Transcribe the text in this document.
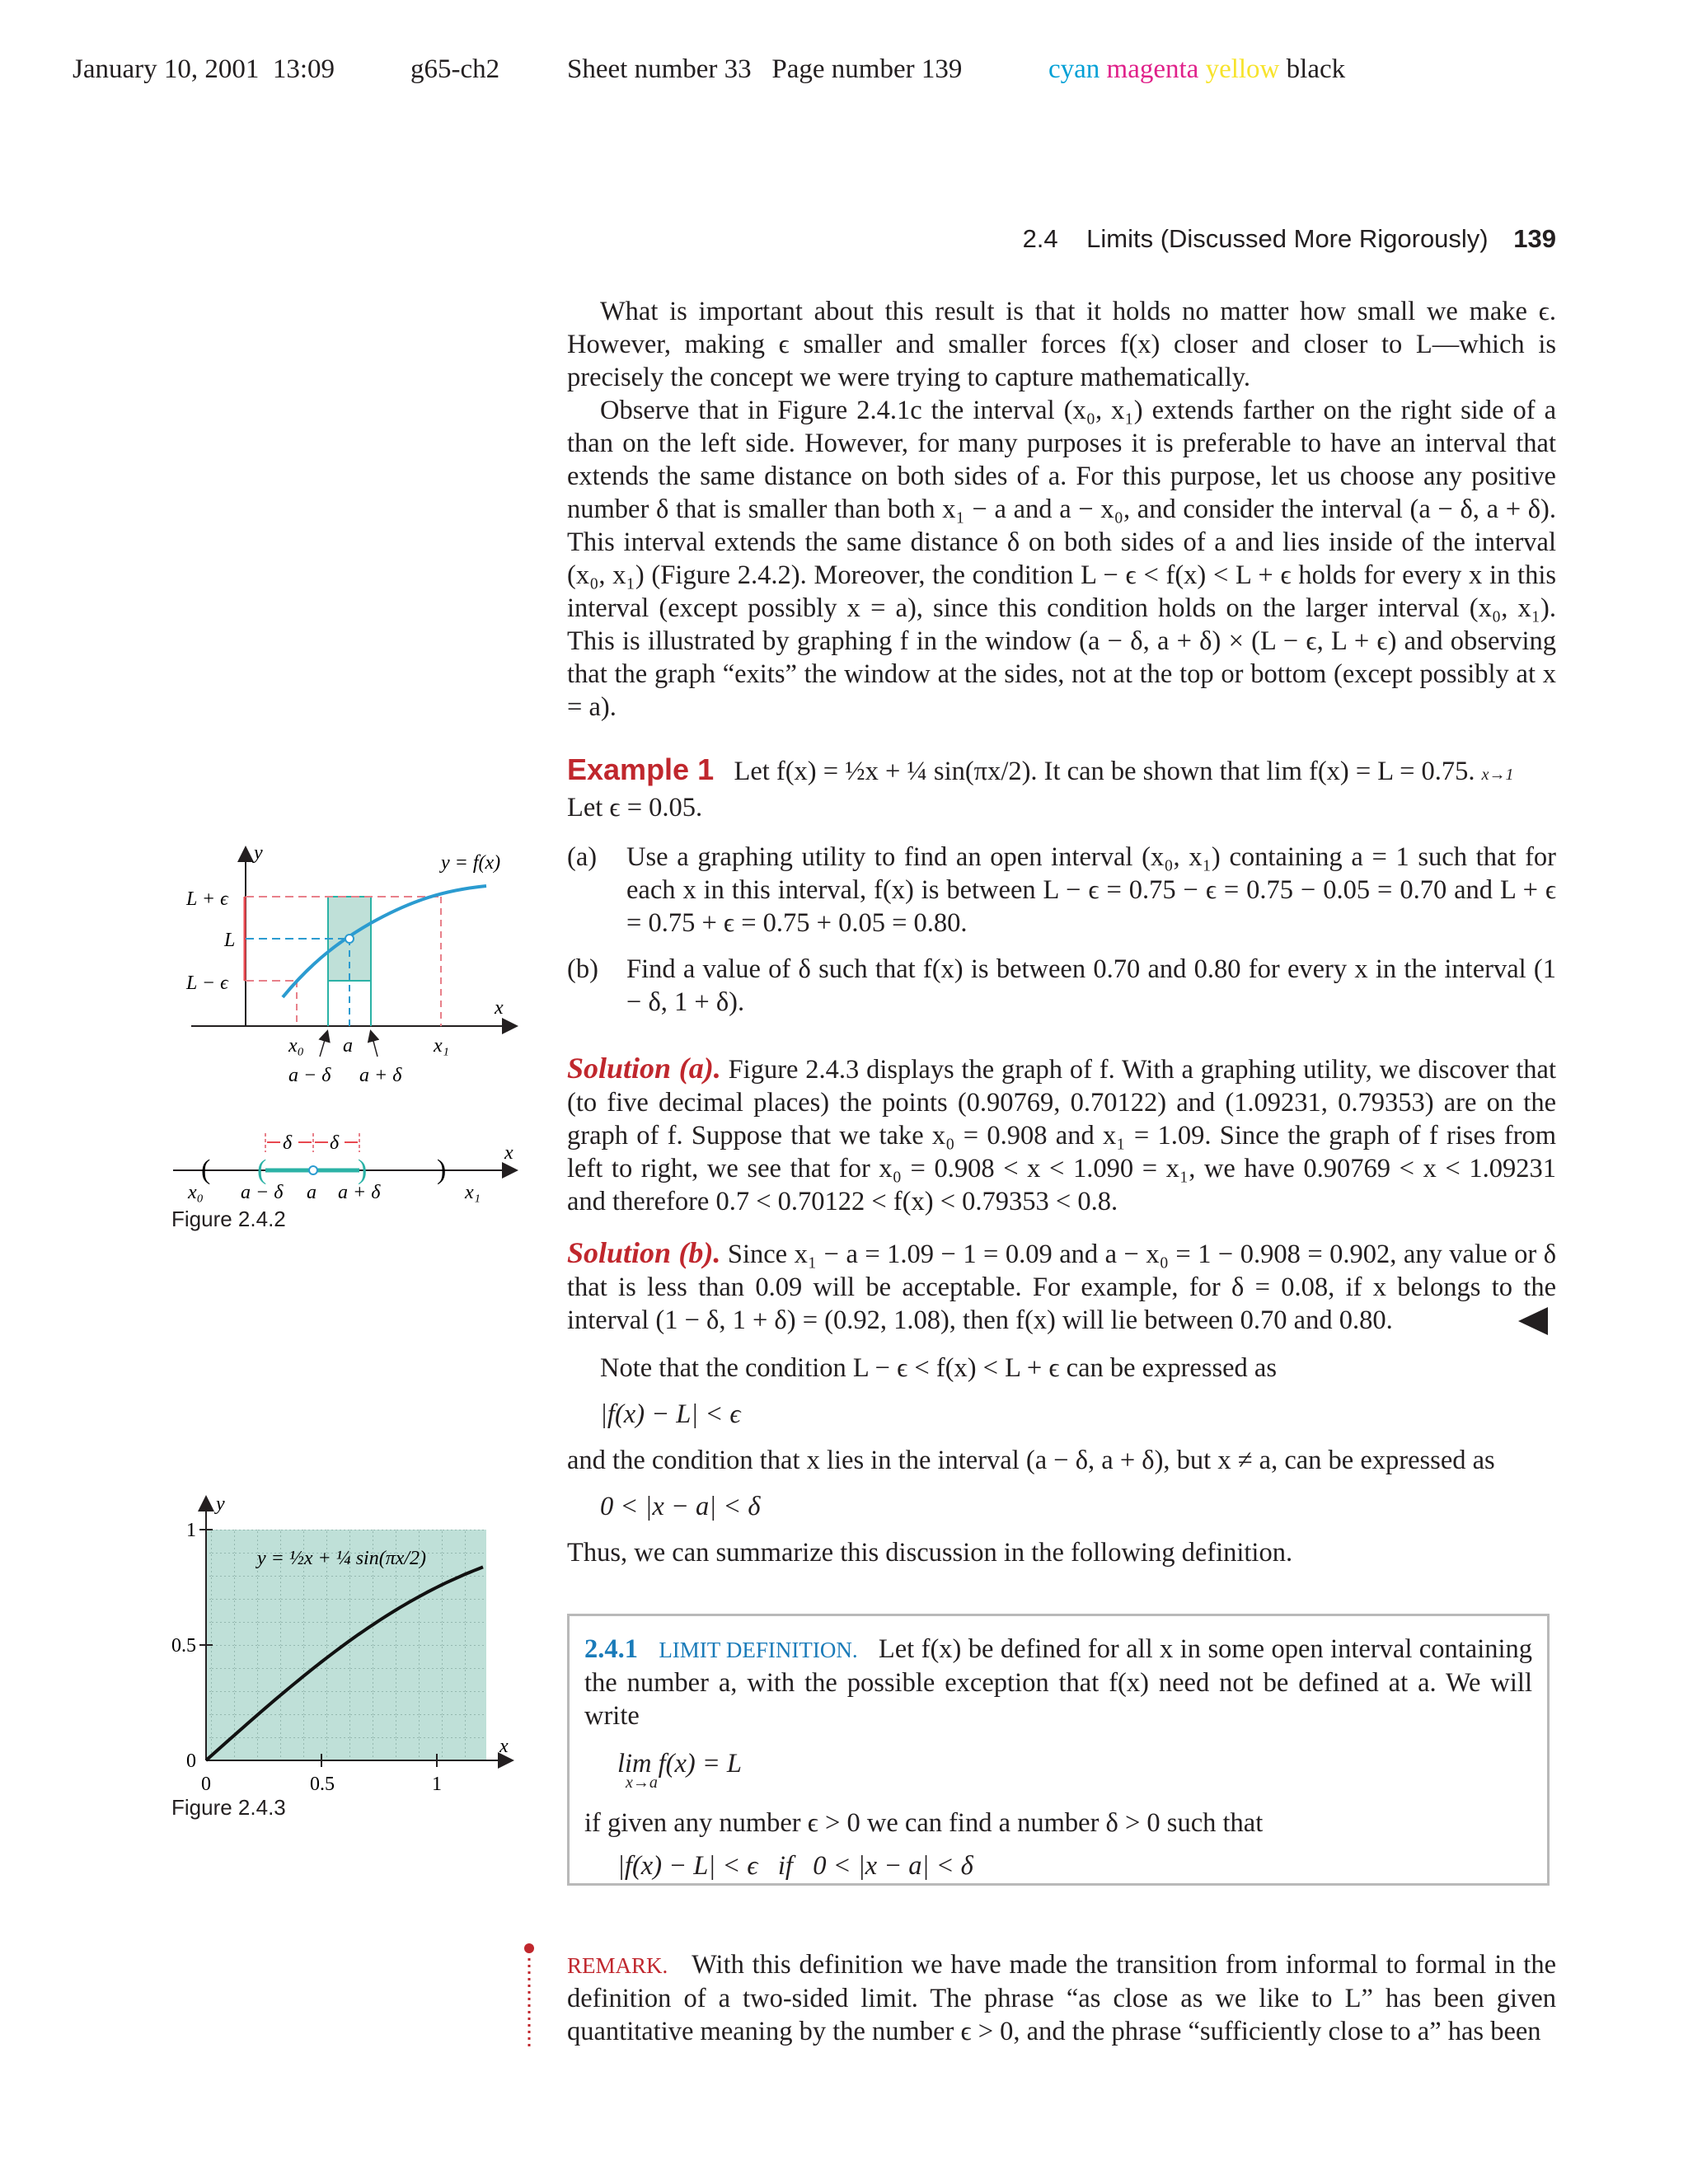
January 10, 2001 13:09	g65-ch2 Sheet number 33 Page number 139	cyan magenta yellow black
2.4 Limits (Discussed More Rigorously) 139

What is important about this result is that it holds no matter how small we make ϵ. However, making ϵ smaller and smaller forces f(x) closer and closer to L—which is precisely the concept we were trying to capture mathematically.

Observe that in Figure 2.4.1c the interval (x₀, x₁) extends farther on the right side of a than on the left side. However, for many purposes it is preferable to have an interval that extends the same distance on both sides of a. For this purpose, let us choose any positive number δ that is smaller than both x₁ − a and a − x₀, and consider the interval (a − δ, a + δ). This interval extends the same distance δ on both sides of a and lies inside of the interval (x₀, x₁) (Figure 2.4.2). Moreover, the condition L − ϵ < f(x) < L + ϵ holds for every x in this interval (except possibly x = a), since this condition holds on the larger interval (x₀, x₁). This is illustrated by graphing f in the window (a − δ, a + δ) × (L − ϵ, L + ϵ) and observing that the graph “exits” the window at the sides, not at the top or bottom (except possibly at x = a).

Example 1 Let f(x) = ½x + ¼ sin(πx/2). It can be shown that lim f(x) = L = 0.75. x→1

Let ϵ = 0.05.

(a)	Use a graphing utility to find an open interval (x₀, x₁) containing a = 1 such that for each x in this interval, f(x) is between L − ϵ = 0.75 − ϵ = 0.75 − 0.05 = 0.70 and L + ϵ = 0.75 + ϵ = 0.75 + 0.05 = 0.80.
(b)	Find a value of δ such that f(x) is between 0.70 and 0.80 for every x in the interval (1 − δ, 1 + δ).

Solution (a). Figure 2.4.3 displays the graph of f. With a graphing utility, we discover that (to five decimal places) the points (0.90769, 0.70122) and (1.09231, 0.79353) are on the graph of f. Suppose that we take x₀ = 0.908 and x₁ = 1.09. Since the graph of f rises from left to right, we see that for x₀ = 0.908 < x < 1.090 = x₁, we have 0.90769 < x < 1.09231 and therefore 0.7 < 0.70122 < f(x) < 0.79353 < 0.8.

Solution (b). Since x₁ − a = 1.09 − 1 = 0.09 and a − x₀ = 1 − 0.908 = 0.902, any value or δ that is less than 0.09 will be acceptable. For example, for δ = 0.08, if x belongs to the interval (1 − δ, 1 + δ) = (0.92, 1.08), then f(x) will lie between 0.70 and 0.80.

Note that the condition L − ϵ < f(x) < L + ϵ can be expressed as

|f(x) − L| < ϵ

and the condition that x lies in the interval (a − δ, a + δ), but x ≠ a, can be expressed as

0 < |x − a| < δ

Thus, we can summarize this discussion in the following definition.

2.4.1 LIMIT DEFINITION. Let f(x) be defined for all x in some open interval containing the number a, with the possible exception that f(x) need not be defined at a. We will write

lim f(x) = L

x→a

if given any number ϵ > 0 we can find a number δ > 0 such that

|f(x) − L| < ϵ   if   0 < |x − a| < δ

REMARK. With this definition we have made the transition from informal to formal in the definition of a two-sided limit. The phrase “as close as we like to L” has been given quantitative meaning by the number ϵ > 0, and the phrase “sufficiently close to a” has been

y
x
y = f(x)
L + ϵ
L
L − ϵ
x₀ a	x₁
a − δ a + δ
x
(	)
(	)
δ δ
x₀ a − δ a a + δ	x₁
Figure 2.4.2
y
x
1
0.5
0
0	0.5	1
y = ½x + ¼ sin(πx/2)
Figure 2.4.3
